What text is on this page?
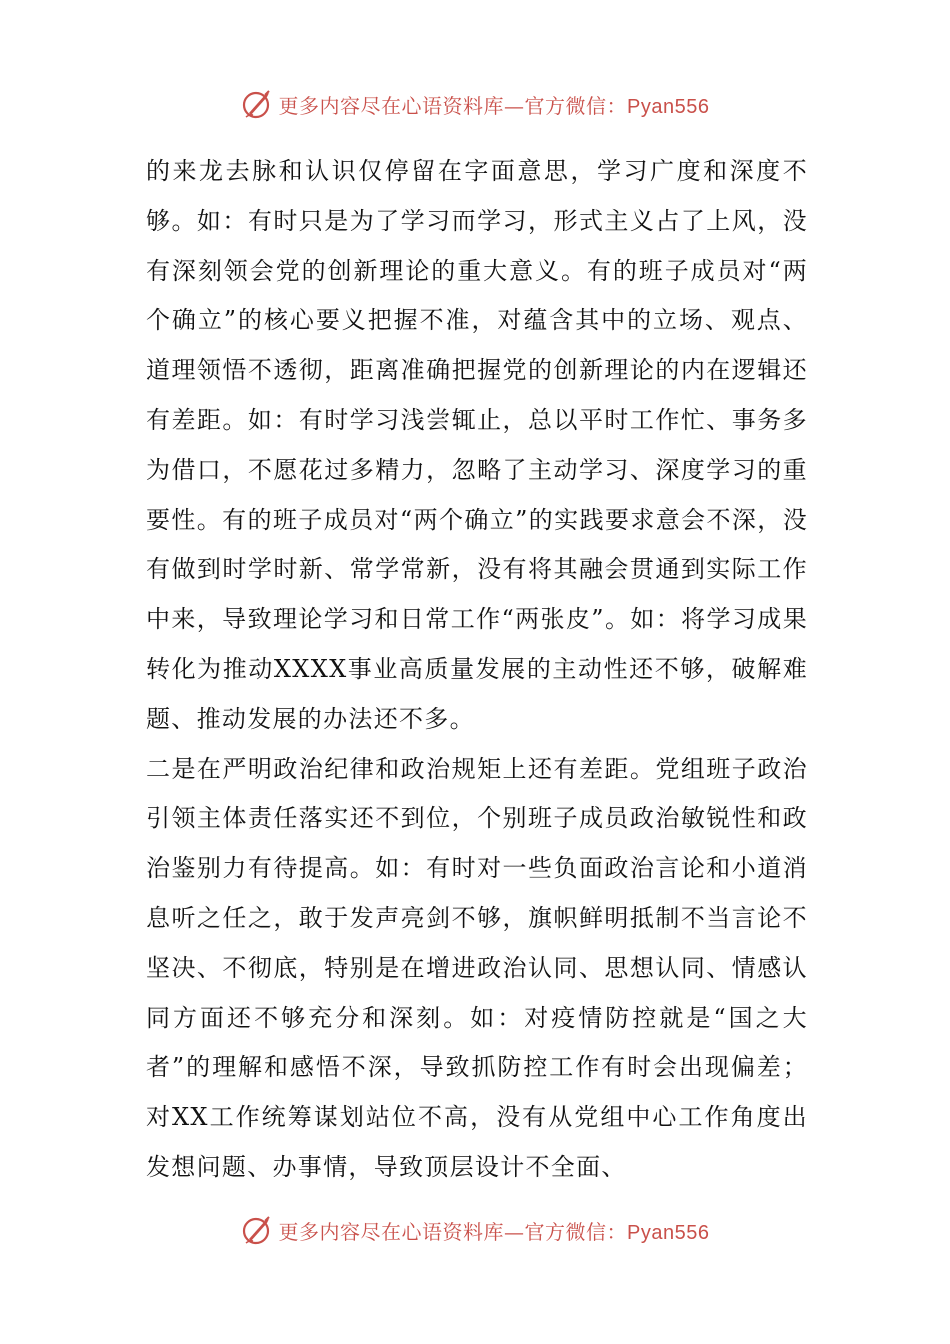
更多内容尽在心语资料库—官方微信：Pyan556

的来龙去脉和认识仅停留在字面意思，学习广度和深度不够。如：有时只是为了学习而学习，形式主义占了上风，没有深刻领会党的创新理论的重大意义。有的班子成员对“两个确立”的核心要义把握不准，对蕴含其中的立场、观点、道理领悟不透彻，距离准确把握党的创新理论的内在逻辑还有差距。如：有时学习浅尝辄止，总以平时工作忙、事务多为借口，不愿花过多精力，忽略了主动学习、深度学习的重要性。有的班子成员对“两个确立”的实践要求意会不深，没有做到时学时新、常学常新，没有将其融会贯通到实际工作中来，导致理论学习和日常工作“两张皮”。如：将学习成果转化为推动XXXX事业高质量发展的主动性还不够，破解难题、推动发展的办法还不多。

二是在严明政治纪律和政治规矩上还有差距。党组班子政治引领主体责任落实还不到位，个别班子成员政治敏锐性和政治鉴别力有待提高。如：有时对一些负面政治言论和小道消息听之任之，敢于发声亮剑不够，旗帜鲜明抵制不当言论不坚决、不彻底，特别是在增进政治认同、思想认同、情感认同方面还不够充分和深刻。如：对疫情防控就是“国之大者”的理解和感悟不深，导致抓防控工作有时会出现偏差；对XX工作统筹谋划站位不高，没有从党组中心工作角度出发想问题、办事情，导致顶层设计不全面、

更多内容尽在心语资料库—官方微信：Pyan556
